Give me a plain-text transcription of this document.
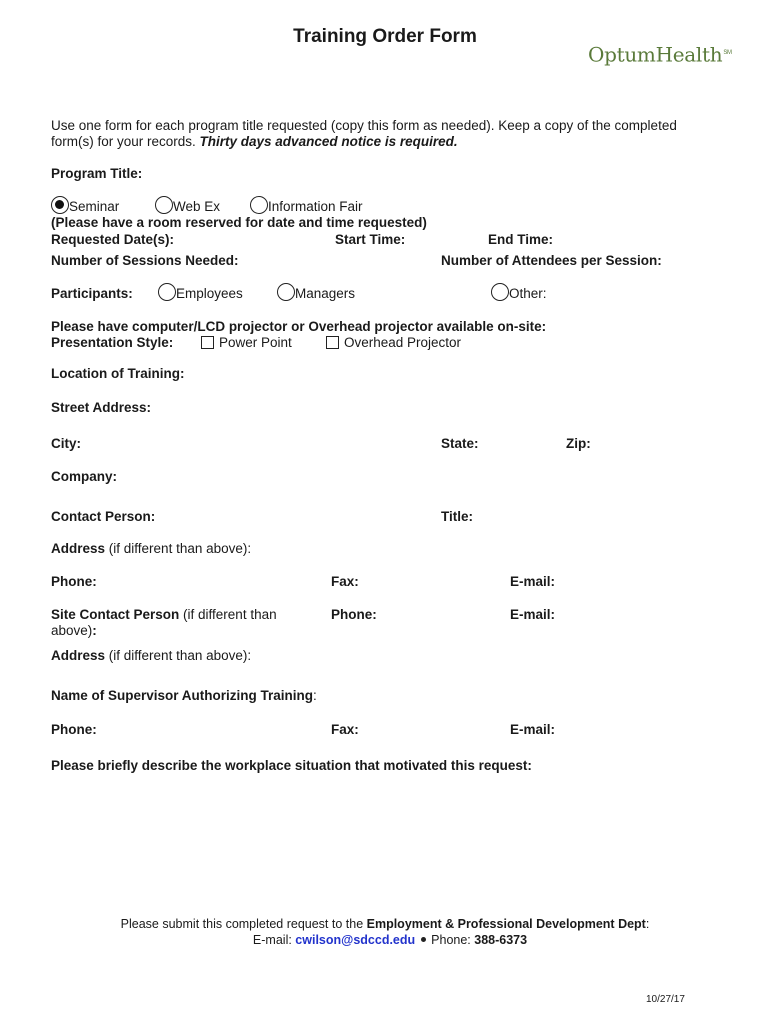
Training Order Form
OptumHealth℠
Use one form for each program title requested (copy this form as needed). Keep a copy of the completed
form(s) for your records. Thirty days advanced notice is required.
Program Title:
Seminar	Web Ex	Information Fair
(Please have a room reserved for date and time requested)
Requested Date(s):	Start Time:	End Time:
Number of Sessions Needed:	Number of Attendees per Session:
Participants:	Employees	Managers	Other:
Please have computer/LCD projector or Overhead projector available on-site:
Presentation Style:	Power Point	Overhead Projector
Location of Training:
Street Address:
City:	State:	Zip:
Company:
Contact Person:	Title:
Address (if different than above):
Phone:	Fax:	E-mail:
Site Contact Person (if different than
above):
Phone:	E-mail:
Address (if different than above):
Name of Supervisor Authorizing Training:
Phone:	Fax:	E-mail:
Please briefly describe the workplace situation that motivated this request:
Please submit this completed request to the Employment & Professional Development Dept:
E-mail: cwilson@sdccd.edu Phone: 388-6373
10/27/17
